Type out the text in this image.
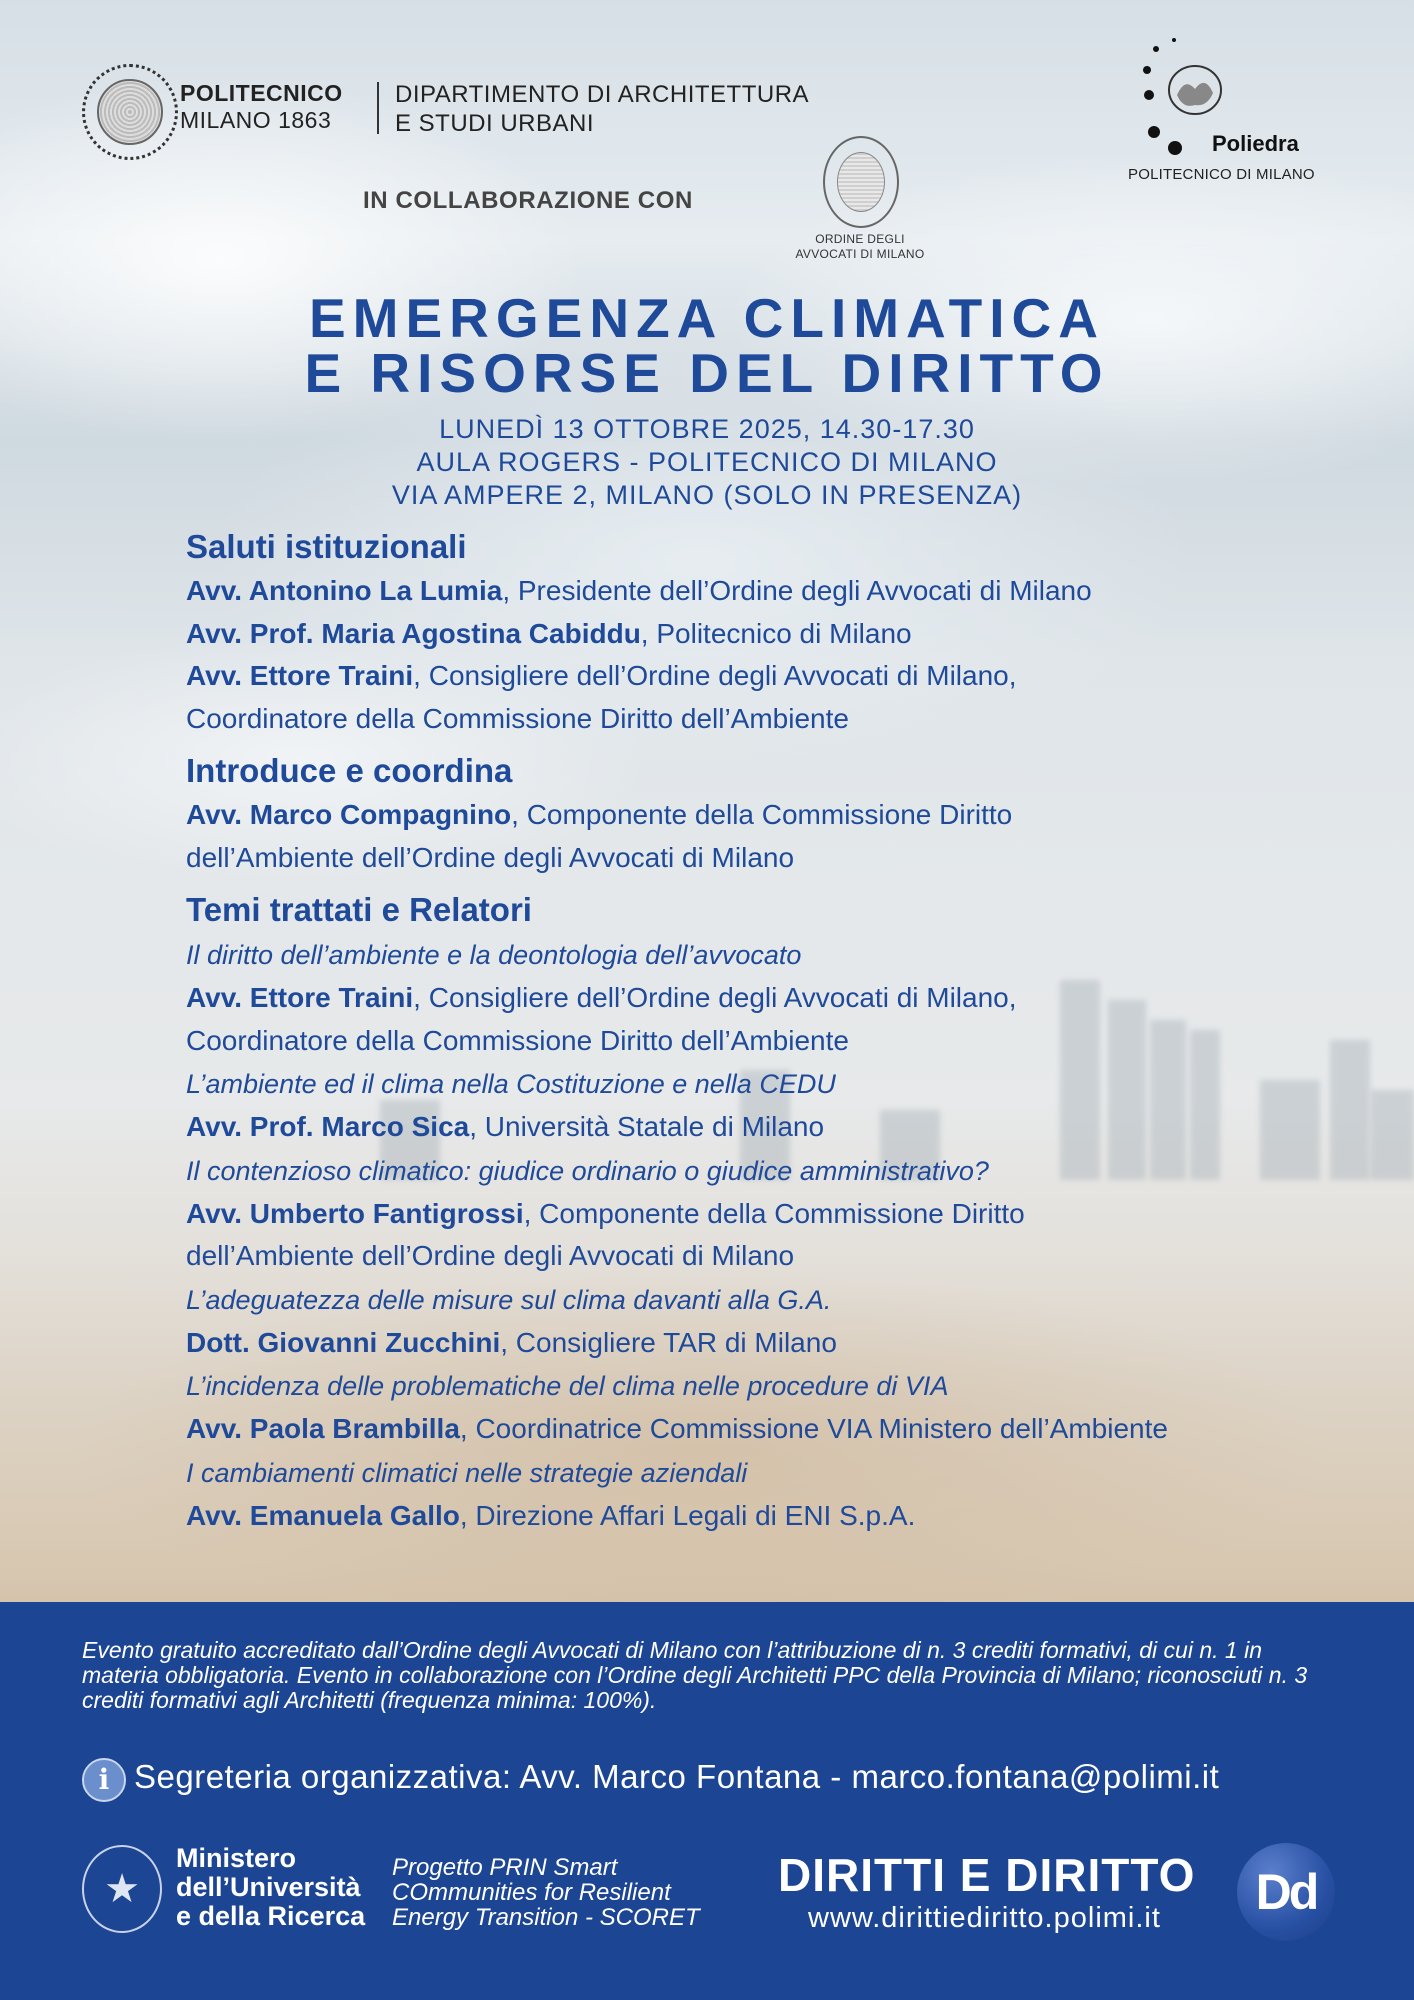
POLITECNICO
MILANO 1863
DIPARTIMENTO DI ARCHITETTURA
E STUDI URBANI
Poliedra
POLITECNICO DI MILANO
IN COLLABORAZIONE CON
ORDINE DEGLI
AVVOCATI DI MILANO
EMERGENZA CLIMATICA
E RISORSE DEL DIRITTO
LUNEDÌ 13 OTTOBRE 2025, 14.30-17.30
AULA ROGERS - POLITECNICO DI MILANO
VIA AMPERE 2, MILANO (SOLO IN PRESENZA)
Saluti istituzionali
Avv. Antonino La Lumia, Presidente dell’Ordine degli Avvocati di Milano
Avv. Prof. Maria Agostina Cabiddu, Politecnico di Milano
Avv. Ettore Traini, Consigliere dell’Ordine degli Avvocati di Milano,
Coordinatore della Commissione Diritto dell’Ambiente
Introduce e coordina
Avv. Marco Compagnino, Componente della Commissione Diritto
dell’Ambiente dell’Ordine degli Avvocati di Milano
Temi trattati e Relatori
Il diritto dell’ambiente e la deontologia dell’avvocato
Avv. Ettore Traini, Consigliere dell’Ordine degli Avvocati di Milano,
Coordinatore della Commissione Diritto dell’Ambiente
L’ambiente ed il clima nella Costituzione e nella CEDU
Avv. Prof. Marco Sica, Università Statale di Milano
Il contenzioso climatico: giudice ordinario o giudice amministrativo?
Avv. Umberto Fantigrossi, Componente della Commissione Diritto
dell’Ambiente dell’Ordine degli Avvocati di Milano
L’adeguatezza delle misure sul clima davanti alla G.A.
Dott. Giovanni Zucchini, Consigliere TAR di Milano
L’incidenza delle problematiche del clima nelle procedure di VIA
Avv. Paola Brambilla, Coordinatrice Commissione VIA Ministero dell’Ambiente
I cambiamenti climatici nelle strategie aziendali
Avv. Emanuela Gallo, Direzione Affari Legali di ENI S.p.A.
Evento gratuito accreditato dall’Ordine degli Avvocati di Milano con l’attribuzione di n. 3 crediti formativi, di cui n. 1 in materia obbligatoria. Evento in collaborazione con l’Ordine degli Architetti PPC della Provincia di Milano; riconosciuti n. 3 crediti formativi agli Architetti (frequenza minima: 100%).
i Segreteria organizzativa: Avv. Marco Fontana - marco.fontana@polimi.it
★
Ministero
dell’Università
e della Ricerca
Progetto PRIN Smart
COmmunities for Resilient
Energy Transition - SCORET
DIRITTI E DIRITTO
www.dirittiediritto.polimi.it	Dd
